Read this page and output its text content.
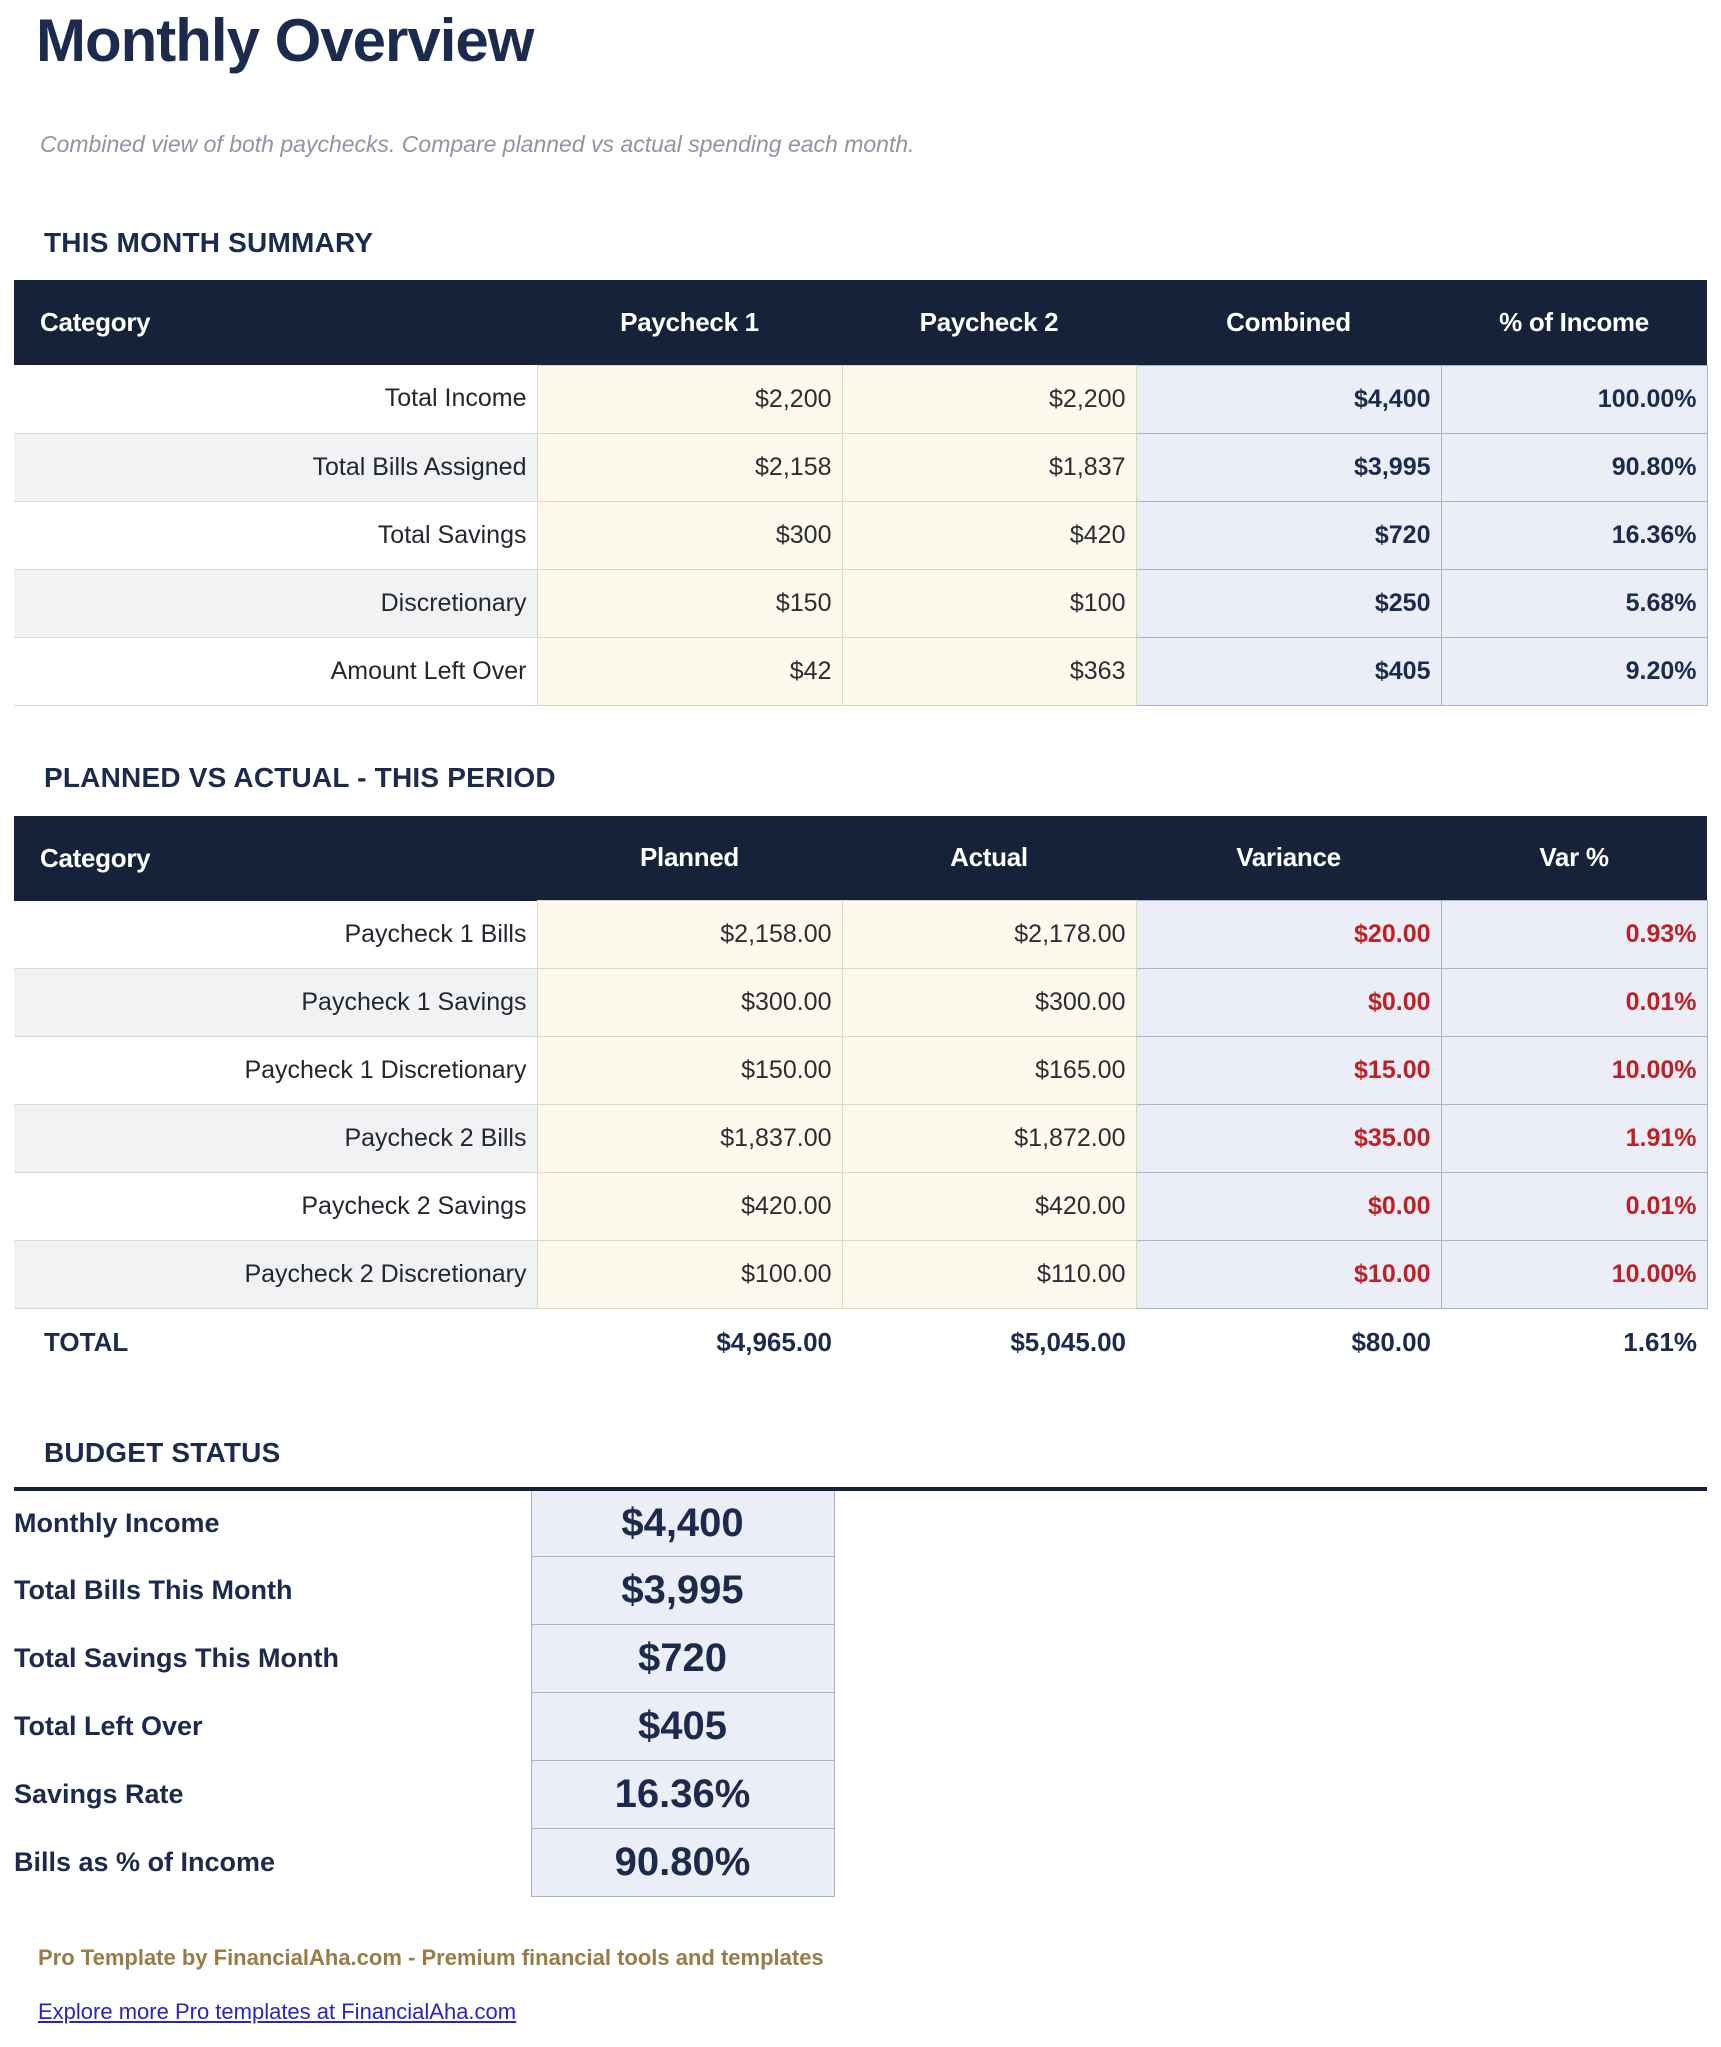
Monthly Overview
Combined view of both paychecks. Compare planned vs actual spending each month.
THIS MONTH SUMMARY
Category	Paycheck 1	Paycheck 2	Combined	% of Income
Total Income	$2,200	$2,200	$4,400	100.00%
Total Bills Assigned	$2,158	$1,837	$3,995	90.80%
Total Savings	$300	$420	$720	16.36%
Discretionary	$150	$100	$250	5.68%
Amount Left Over	$42	$363	$405	9.20%
PLANNED VS ACTUAL - THIS PERIOD
Category	Planned	Actual	Variance	Var %
Paycheck 1 Bills	$2,158.00	$2,178.00	$20.00	0.93%
Paycheck 1 Savings	$300.00	$300.00	$0.00	0.01%
Paycheck 1 Discretionary	$150.00	$165.00	$15.00	10.00%
Paycheck 2 Bills	$1,837.00	$1,872.00	$35.00	1.91%
Paycheck 2 Savings	$420.00	$420.00	$0.00	0.01%
Paycheck 2 Discretionary	$100.00	$110.00	$10.00	10.00%
TOTAL	$4,965.00	$5,045.00	$80.00	1.61%
BUDGET STATUS
Monthly Income	$4,400	
Total Bills This Month	$3,995	
Total Savings This Month	$720	
Total Left Over	$405	
Savings Rate	16.36%	
Bills as % of Income	90.80%	
Pro Template by FinancialAha.com - Premium financial tools and templates
Explore more Pro templates at FinancialAha.com
